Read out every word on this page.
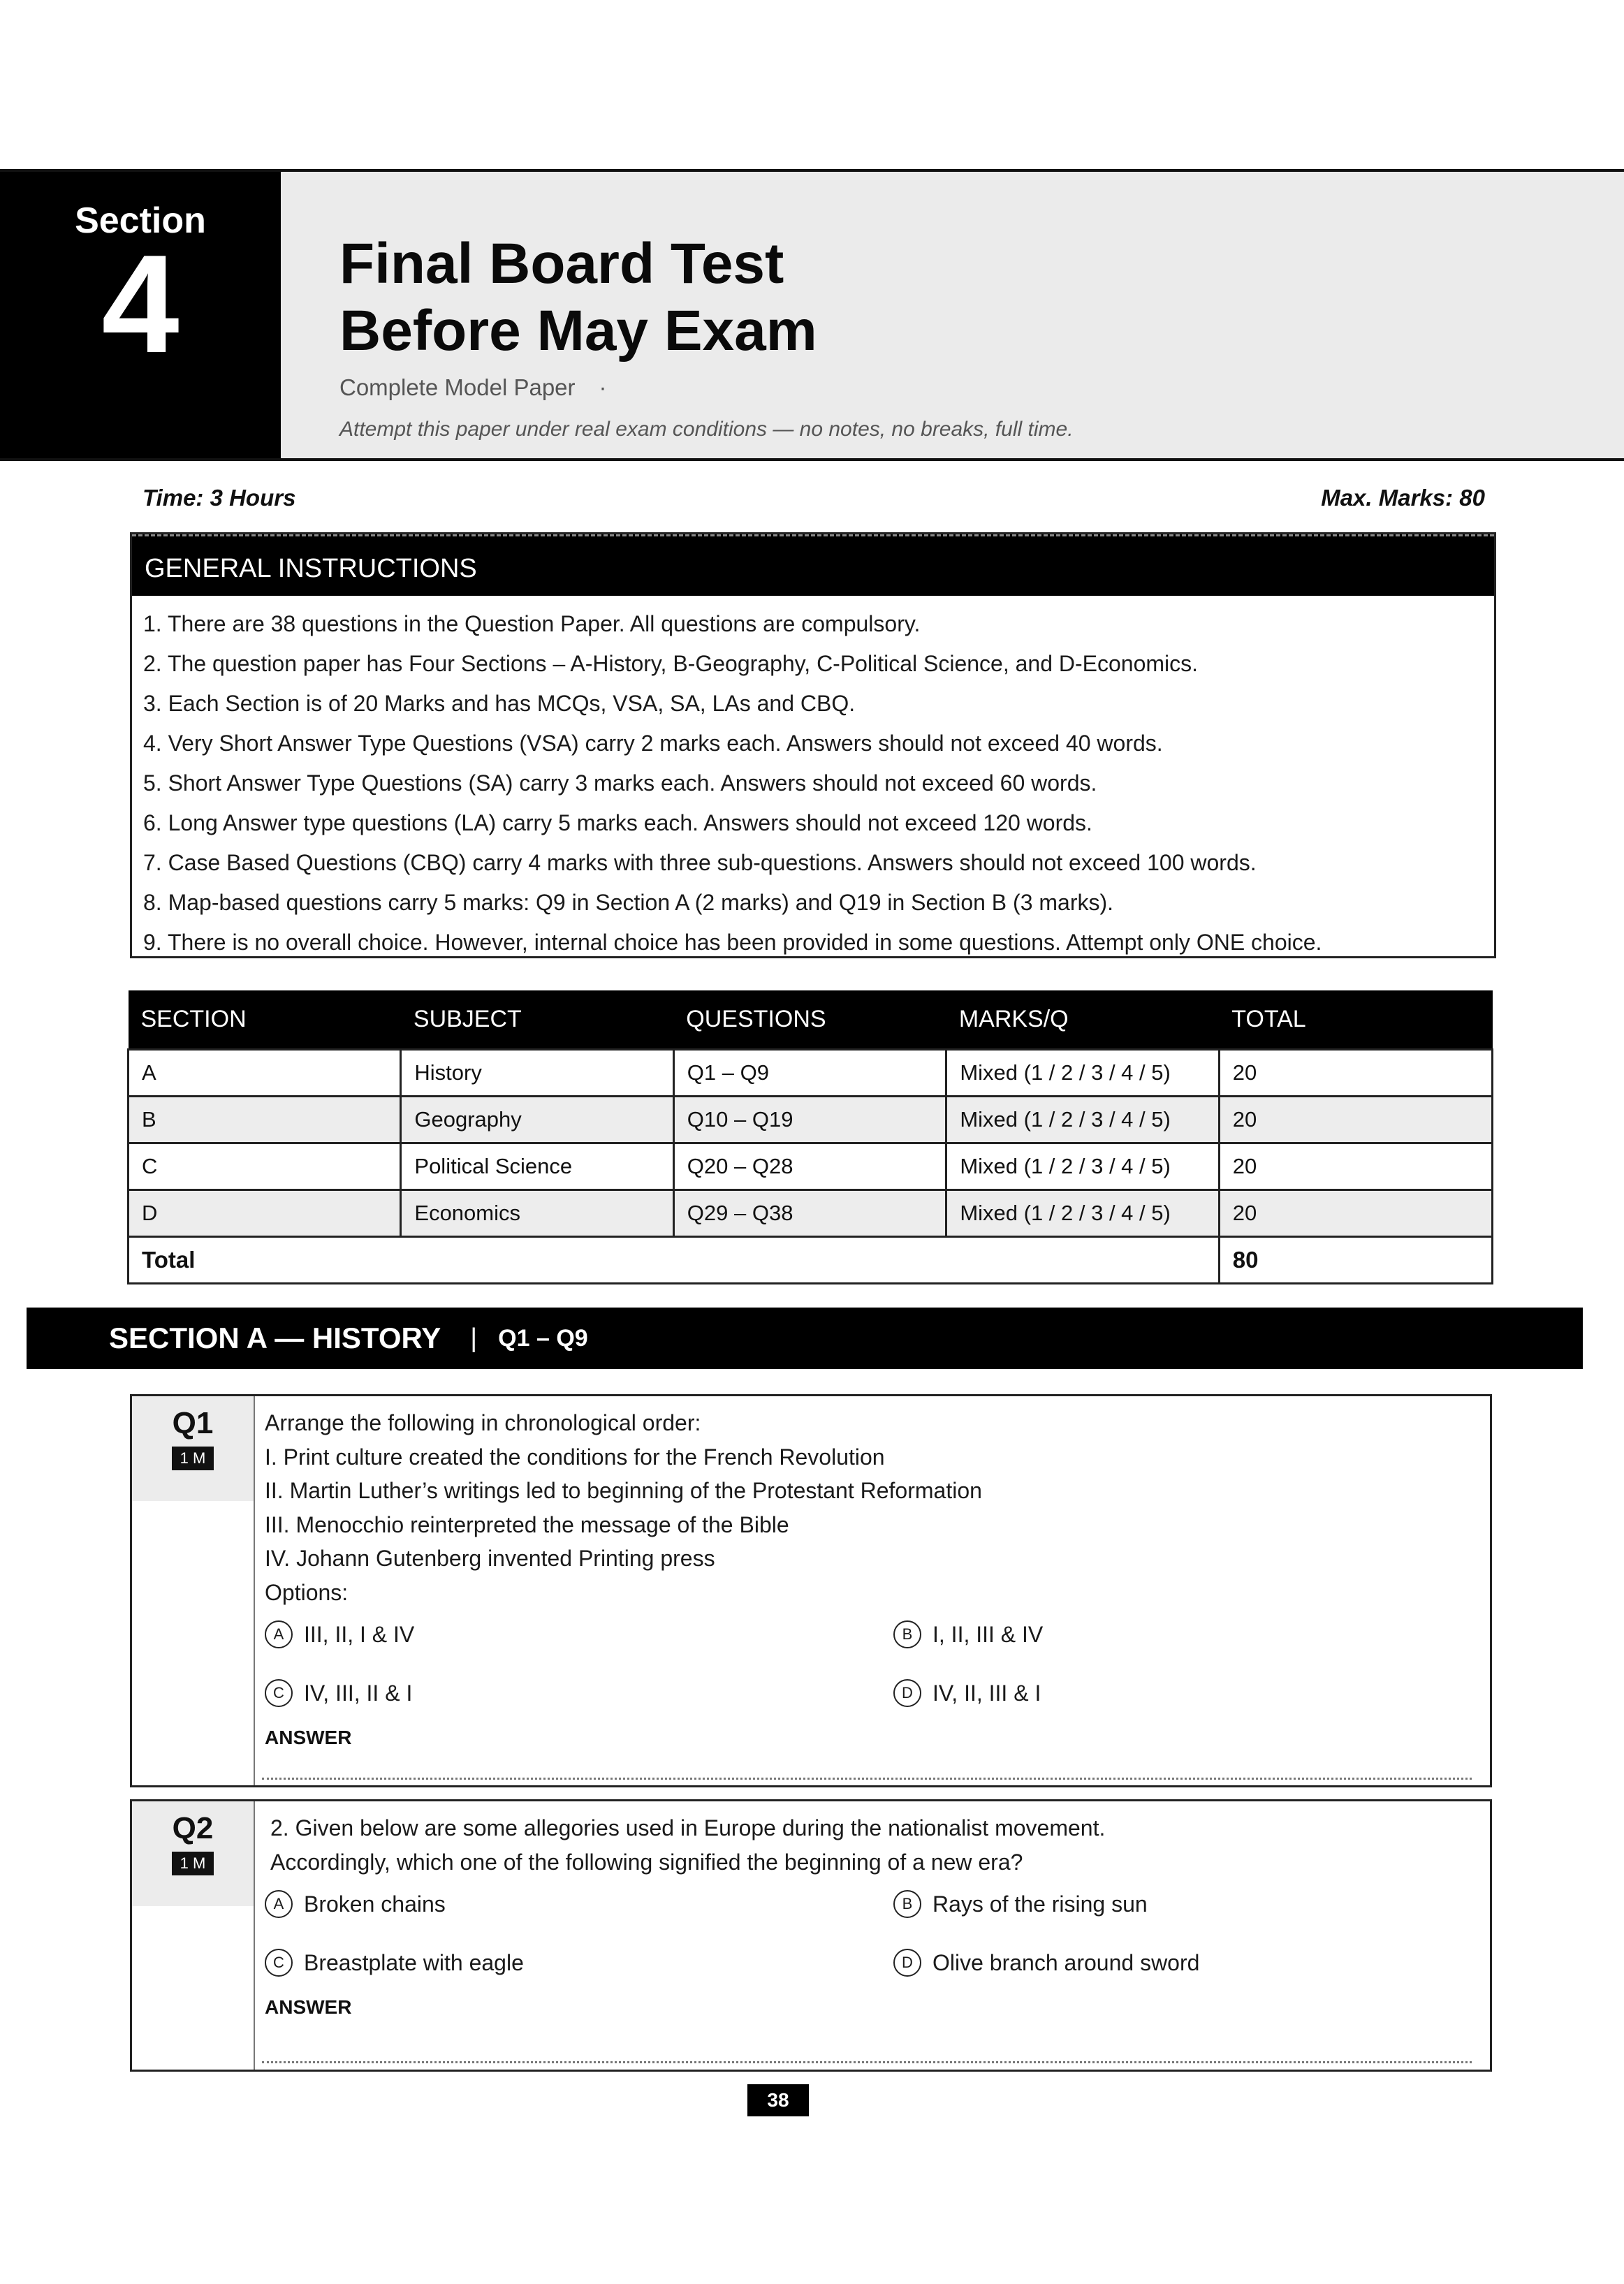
Section
4	Final Board Test
Before May Exam
Complete Model Paper ·
Attempt this paper under real exam conditions — no notes, no breaks, full time.
Time: 3 Hours	Max. Marks: 80
GENERAL INSTRUCTIONS
1. There are 38 questions in the Question Paper. All questions are compulsory.
2. The question paper has Four Sections – A-History, B-Geography, C-Political Science, and D-Economics.
3. Each Section is of 20 Marks and has MCQs, VSA, SA, LAs and CBQ.
4. Very Short Answer Type Questions (VSA) carry 2 marks each. Answers should not exceed 40 words.
5. Short Answer Type Questions (SA) carry 3 marks each. Answers should not exceed 60 words.
6. Long Answer type questions (LA) carry 5 marks each. Answers should not exceed 120 words.
7. Case Based Questions (CBQ) carry 4 marks with three sub-questions. Answers should not exceed 100 words.
8. Map-based questions carry 5 marks: Q9 in Section A (2 marks) and Q19 in Section B (3 marks).
9. There is no overall choice. However, internal choice has been provided in some questions. Attempt only ONE choice.
SECTION	SUBJECT	QUESTIONS	MARKS/Q	TOTAL
A	History	Q1 – Q9	Mixed (1 / 2 / 3 / 4 / 5)	20
B	Geography	Q10 – Q19	Mixed (1 / 2 / 3 / 4 / 5)	20
C	Political Science	Q20 – Q28	Mixed (1 / 2 / 3 / 4 / 5)	20
D	Economics	Q29 – Q38	Mixed (1 / 2 / 3 / 4 / 5)	20
Total				80
SECTION A — HISTORY | Q1 – Q9
Q1
1 M
Arrange the following in chronological order:
I. Print culture created the conditions for the French Revolution
II. Martin Luther’s writings led to beginning of the Protestant Reformation
III. Menocchio reinterpreted the message of the Bible
IV. Johann Gutenberg invented Printing press
Options:
A III, II, I & IV	B I, II, III & IV
C IV, III, II & I	D IV, II, III & I
ANSWER
Q2
1 M
2. Given below are some allegories used in Europe during the nationalist movement.
Accordingly, which one of the following signified the beginning of a new era?
A Broken chains	B Rays of the rising sun
C Breastplate with eagle	D Olive branch around sword
ANSWER
38
